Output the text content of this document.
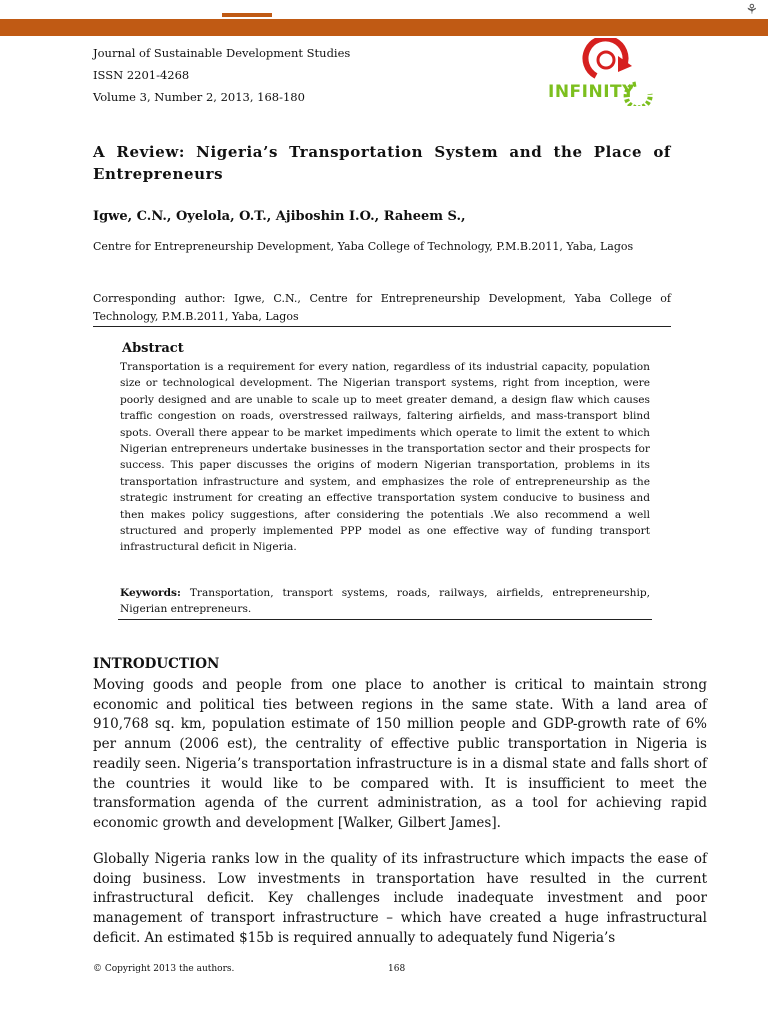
⚘
Journal of Sustainable Development Studies
ISSN 2201-4268
Volume 3, Number 2, 2013, 168-180	INFINITY
A Review: Nigeria’s Transportation System and the Place of Entrepreneurs
Igwe, C.N., Oyelola, O.T., Ajiboshin I.O., Raheem S.,
Centre for Entrepreneurship Development, Yaba College of Technology, P.M.B.2011, Yaba, Lagos
Corresponding author: Igwe, C.N., Centre for Entrepreneurship Development, Yaba College of Technology, P.M.B.2011, Yaba, Lagos
Abstract
Transportation is a requirement for every nation, regardless of its industrial capacity, population size or technological development. The Nigerian transport systems, right from inception, were poorly designed and are unable to scale up to meet greater demand, a design flaw which causes traffic congestion on roads, overstressed railways, faltering airfields, and mass-transport blind spots. Overall there appear to be market impediments which operate to limit the extent to which Nigerian entrepreneurs undertake businesses in the transportation sector and their prospects for success. This paper discusses the origins of modern Nigerian transportation, problems in its transportation infrastructure and system, and emphasizes the role of entrepreneurship as the strategic instrument for creating an effective transportation system conducive to business and then makes policy suggestions, after considering the potentials .We also recommend a well structured and properly implemented PPP model as one effective way of funding transport infrastructural deficit in Nigeria.
Keywords: Transportation, transport systems, roads, railways, airfields, entrepreneurship, Nigerian entrepreneurs.
INTRODUCTION
Moving goods and people from one place to another is critical to maintain strong economic and political ties between regions in the same state. With a land area of 910,768 sq. km, population estimate of 150 million people and GDP-growth rate of 6% per annum (2006 est), the centrality of effective public transportation in Nigeria is readily seen. Nigeria’s transportation infrastructure is in a dismal state and falls short of the countries it would like to be compared with. It is insufficient to meet the transformation agenda of the current administration, as a tool for achieving rapid economic growth and development [Walker, Gilbert James].
Globally Nigeria ranks low in the quality of its infrastructure which impacts the ease of doing business. Low investments in transportation have resulted in the current infrastructural deficit. Key challenges include inadequate investment and poor management of transport infrastructure – which have created a huge infrastructural deficit. An estimated $15b is required annually to adequately fund Nigeria’s
© Copyright 2013 the authors.	168
